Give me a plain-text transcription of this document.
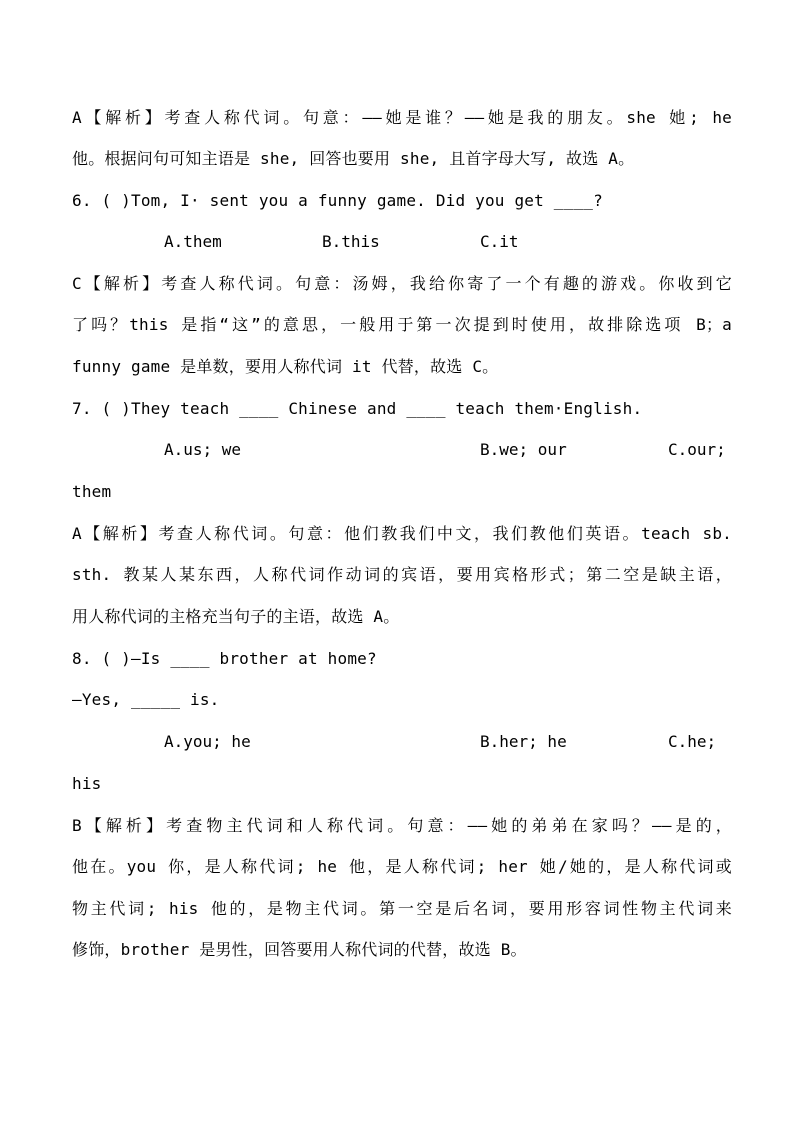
A【解析】考查人称代词。句意：——她是谁？——她是我的朋友。she 她; he
他。根据问句可知主语是 she, 回答也要用 she, 且首字母大写, 故选 A。
6. ( )Tom, I· sent you a funny game. Did you get ____?
A.them	B.this	C.it
C【解析】考查人称代词。句意：汤姆，我给你寄了一个有趣的游戏。你收到它
了吗？this 是指“这”的意思，一般用于第一次提到时使用，故排除选项 B；a
funny game 是单数，要用人称代词 it 代替，故选 C。
7. ( )They teach ____ Chinese and ____ teach them·English.
A.us; we	B.we; our	C.our;
them
A【解析】考查人称代词。句意：他们教我们中文，我们教他们英语。teach sb.
sth. 教某人某东西，人称代词作动词的宾语，要用宾格形式；第二空是缺主语，
用人称代词的主格充当句子的主语，故选 A。
8. ( )—Is ____ brother at home?
—Yes, _____ is.
A.you; he	B.her; he	C.he;
his
B【解析】考查物主代词和人称代词。句意：——她的弟弟在家吗？——是的，
他在。you 你，是人称代词; he 他，是人称代词; her 她/她的，是人称代词或
物主代词; his 他的，是物主代词。第一空是后名词，要用形容词性物主代词来
修饰，brother 是男性，回答要用人称代词的代替，故选 B。
